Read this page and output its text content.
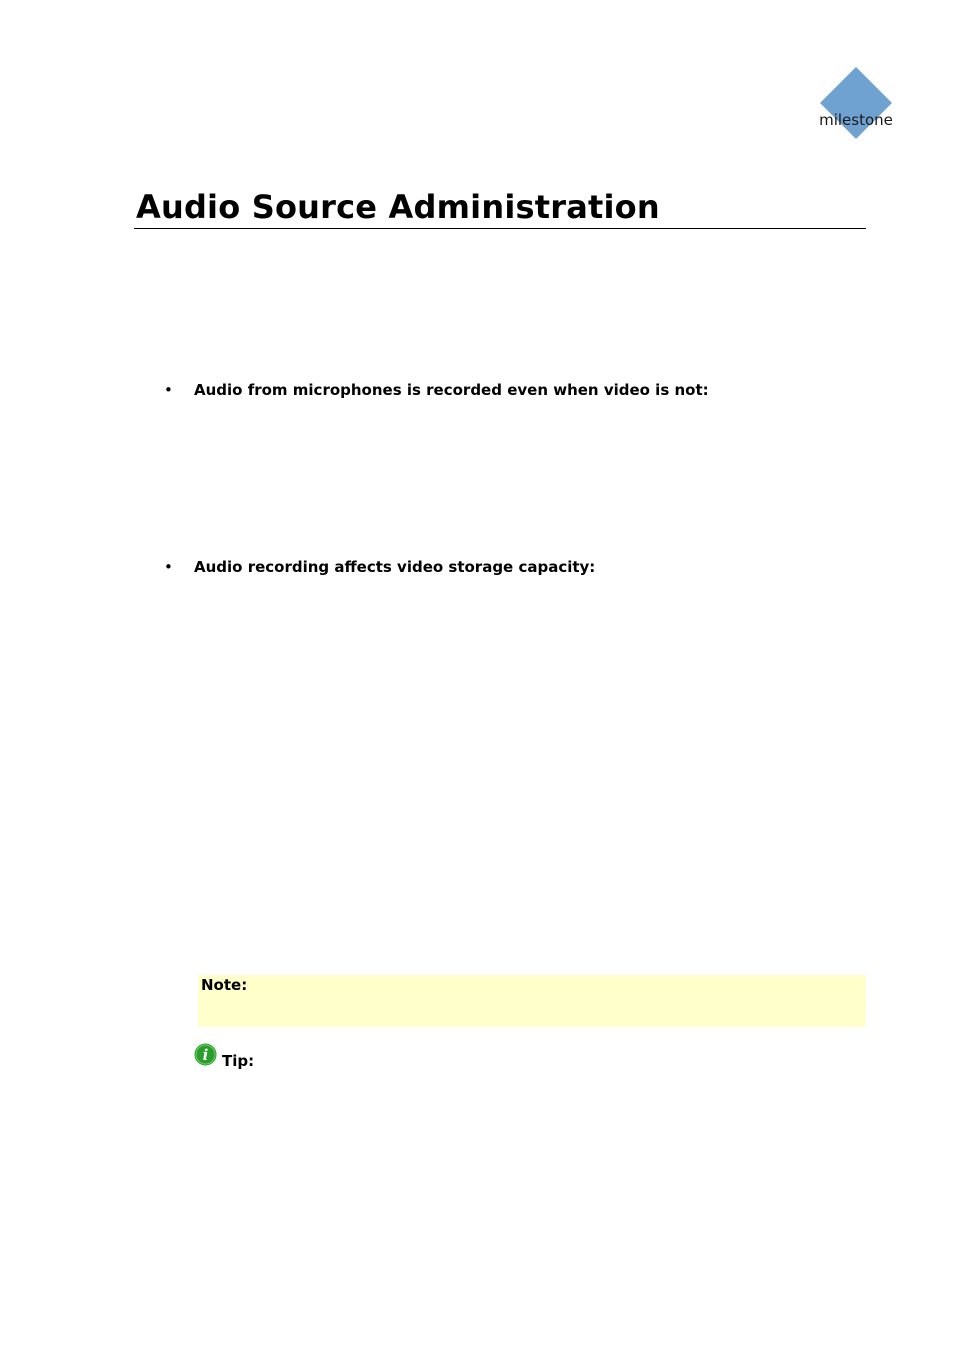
milestone
Audio Source Administration
• Audio from microphones is recorded even when video is not:
• Audio recording affects video storage capacity:
Note:
i Tip:
